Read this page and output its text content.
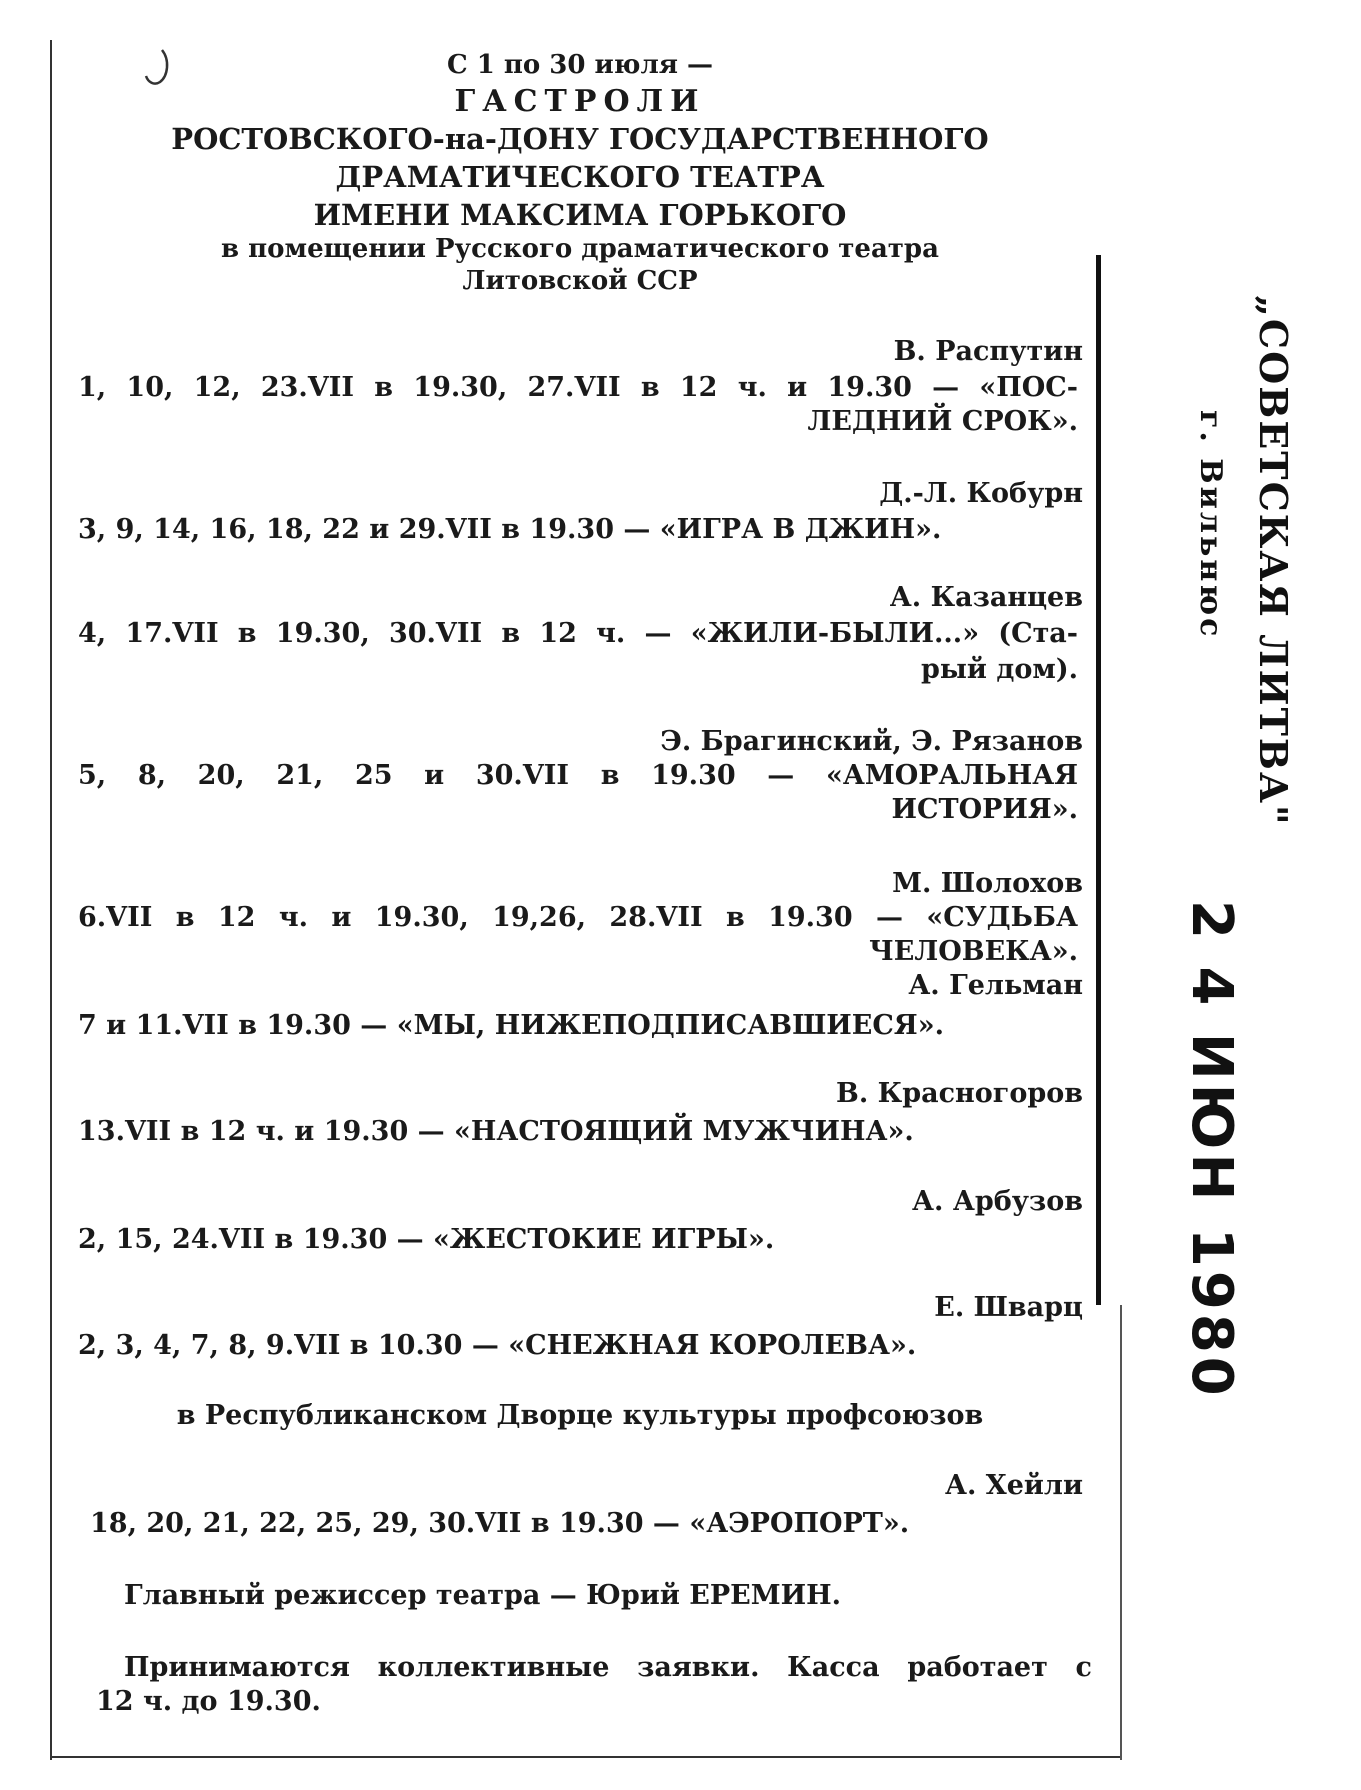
С 1 по 30 июля —
ГАСТРОЛИ
РОСТОВСКОГО-на-ДОНУ ГОСУДАРСТВЕННОГО
ДРАМАТИЧЕСКОГО ТЕАТРА
ИМЕНИ МАКСИМА ГОРЬКОГО
в помещении Русского драматического театра
Литовской ССР
В. Распутин
1, 10, 12, 23.VII в 19.30, 27.VII в 12 ч. и 19.30 — «ПОС-
ЛЕДНИЙ СРОК».
Д.-Л. Кобурн
3, 9, 14, 16, 18, 22 и 29.VII в 19.30 — «ИГРА В ДЖИН».
А. Казанцев
4, 17.VII в 19.30, 30.VII в 12 ч. — «ЖИЛИ-БЫЛИ...» (Ста-
рый дом).
Э. Брагинский, Э. Рязанов
5, 8, 20, 21, 25 и 30.VII в 19.30 — «АМОРАЛЬНАЯ
ИСТОРИЯ».
М. Шолохов
6.VII в 12 ч. и 19.30, 19,26, 28.VII в 19.30 — «СУДЬБА
ЧЕЛОВЕКА».
А. Гельман
7 и 11.VII в 19.30 — «МЫ, НИЖЕПОДПИСАВШИЕСЯ».
В. Красногоров
13.VII в 12 ч. и 19.30 — «НАСТОЯЩИЙ МУЖЧИНА».
А. Арбузов
2, 15, 24.VII в 19.30 — «ЖЕСТОКИЕ ИГРЫ».
Е. Шварц
2, 3, 4, 7, 8, 9.VII в 10.30 — «СНЕЖНАЯ КОРОЛЕВА».
в Республиканском Дворце культуры профсоюзов
А. Хейли
18, 20, 21, 22, 25, 29, 30.VII в 19.30 — «АЭРОПОРТ».
Главный режиссер театра — Юрий ЕРЕМИН.
Принимаются коллективные заявки. Касса работает с
12 ч. до 19.30.
„СОВЕТСКАЯ ЛИТВА"
г. Вильнюс
2 4 ИЮН 1980
